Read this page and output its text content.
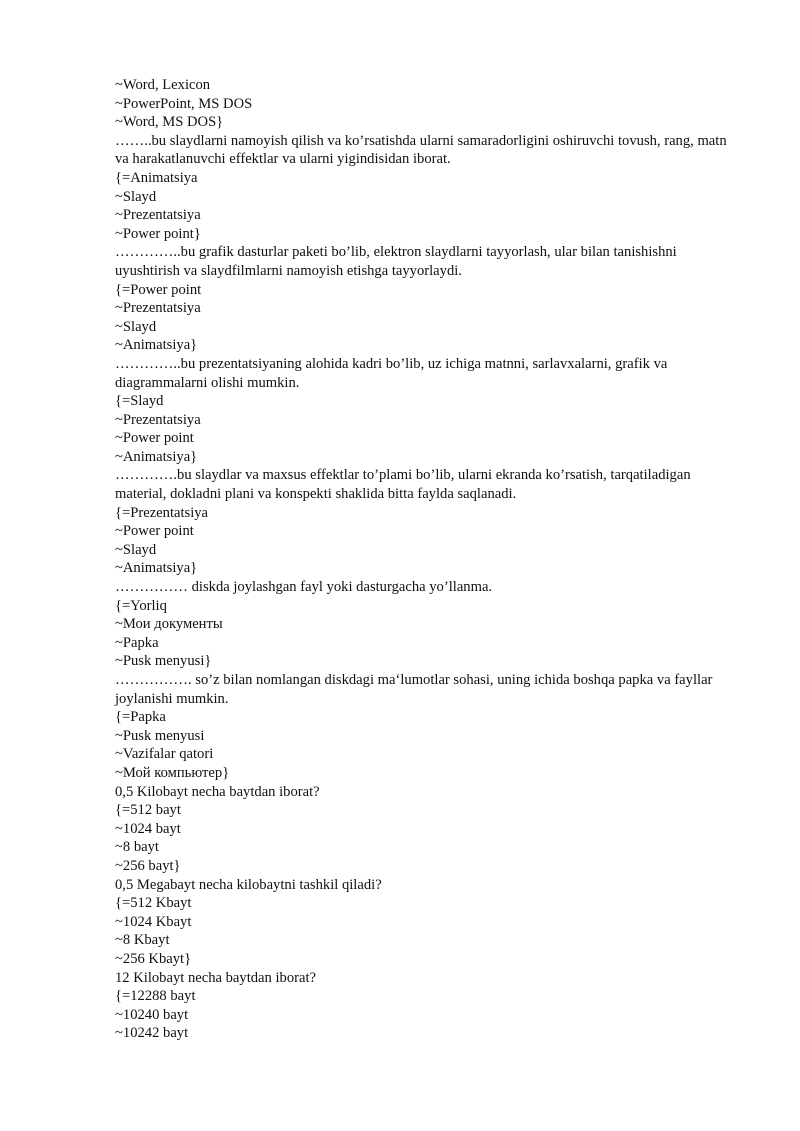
~Word, Lexicon
~PowerPoint, MS DOS
~Word, MS DOS}
……..bu slaydlarni namoyish qilish va ko’rsatishda ularni samaradorligini oshiruvchi tovush, rang, matn va harakatlanuvchi effektlar va ularni yigindisidan iborat.
{=Animatsiya
~Slayd
~Prezentatsiya
~Power point}
…………..bu grafik dasturlar paketi bo’lib, elektron slaydlarni tayyorlash, ular bilan tanishishni uyushtirish va slaydfilmlarni namoyish etishga tayyorlaydi.
{=Power point
~Prezentatsiya
~Slayd
~Animatsiya}
…………..bu prezentatsiyaning alohida kadri bo’lib, uz ichiga matnni, sarlavxalarni, grafik va diagrammalarni olishi mumkin.
{=Slayd
~Prezentatsiya
~Power point
~Animatsiya}
………….bu slaydlar va maxsus effektlar to’plami bo’lib, ularni ekranda ko’rsatish, tarqatiladigan material, dokladni plani va konspekti shaklida bitta faylda saqlanadi.
{=Prezentatsiya
~Power point
~Slayd
~Animatsiya}
…………… diskda joylashgan fayl yoki dasturgacha yo’llanma.
{=Yorliq
~Мои документы
~Papka
~Pusk menyusi}
……………. so’z bilan nomlangan diskdagi ma‘lumotlar sohasi, uning ichida boshqa papka va fayllar joylanishi mumkin.
{=Papka
~Pusk menyusi
~Vazifalar qatori
~Мой компьютер}
0,5 Kilobayt necha baytdan iborat?
{=512 bayt
~1024 bayt
~8 bayt
~256 bayt}
0,5 Megabayt necha kilobaytni tashkil qiladi?
{=512 Kbayt
~1024 Kbayt
~8 Kbayt
~256 Kbayt}
12 Kilobayt necha baytdan iborat?
{=12288 bayt
~10240 bayt
~10242 bayt
